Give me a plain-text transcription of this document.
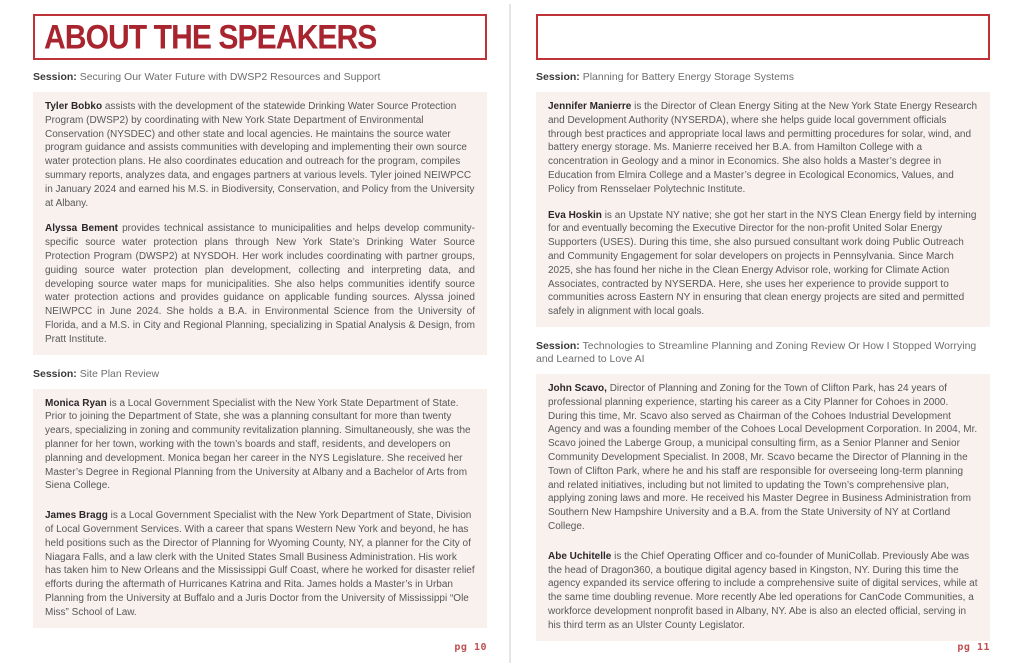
ABOUT THE SPEAKERS
Session: Securing Our Water Future with DWSP2 Resources and Support

Tyler Bobko assists with the development of the statewide Drinking Water Source Protection Program (DWSP2) by coordinating with New York State Department of Environmental Conservation (NYSDEC) and other state and local agencies. He maintains the source water program guidance and assists communities with developing and implementing their own source water protection plans. He also coordinates education and outreach for the program, compiles summary reports, analyzes data, and engages partners at various levels. Tyler joined NEIWPCC in January 2024 and earned his M.S. in Biodiversity, Conservation, and Policy from the University at Albany.

Alyssa Bement provides technical assistance to municipalities and helps develop community-specific source water protection plans through New York State’s Drinking Water Source Protection Program (DWSP2) at NYSDOH. Her work includes coordinating with partner groups, guiding source water protection plan development, collecting and interpreting data, and developing source water maps for municipalities. She also helps communities identify source water protection actions and provides guidance on applicable funding sources. Alyssa joined NEIWPCC in June 2024. She holds a B.A. in Environmental Science from the University of Florida, and a M.S. in City and Regional Planning, specializing in Spatial Analysis & Design, from Pratt Institute.

Session: Site Plan Review

Monica Ryan is a Local Government Specialist with the New York State Department of State. Prior to joining the Department of State, she was a planning consultant for more than twenty years, specializing in zoning and community revitalization planning. Simultaneously, she was the planner for her town, working with the town’s boards and staff, residents, and developers on planning and development. Monica began her career in the NYS Legislature. She received her Master’s Degree in Regional Planning from the University at Albany and a Bachelor of Arts from Siena College.

James Bragg is a Local Government Specialist with the New York Department of State, Division of Local Government Services. With a career that spans Western New York and beyond, he has held positions such as the Director of Planning for Wyoming County, NY, a planner for the City of Niagara Falls, and a law clerk with the United States Small Business Administration. His work has taken him to New Orleans and the Mississippi Gulf Coast, where he worked for disaster relief efforts during the aftermath of Hurricanes Katrina and Rita. James holds a Master’s in Urban Planning from the University at Buffalo and a Juris Doctor from the University of Mississippi “Ole Miss” School of Law.

pg 10
Session: Planning for Battery Energy Storage Systems

Jennifer Manierre is the Director of Clean Energy Siting at the New York State Energy Research and Development Authority (NYSERDA), where she helps guide local government officials through best practices and appropriate local laws and permitting procedures for solar, wind, and battery energy storage. Ms. Manierre received her B.A. from Hamilton College with a concentration in Geology and a minor in Economics. She also holds a Master’s degree in Education from Elmira College and a Master’s degree in Ecological Economics, Values, and Policy from Rensselaer Polytechnic Institute.

Eva Hoskin is an Upstate NY native; she got her start in the NYS Clean Energy field by interning for and eventually becoming the Executive Director for the non-profit United Solar Energy Supporters (USES). During this time, she also pursued consultant work doing Public Outreach and Community Engagement for solar developers on projects in Pennsylvania. Since March 2025, she has found her niche in the Clean Energy Advisor role, working for Climate Action Associates, contracted by NYSERDA. Here, she uses her experience to provide support to communities across Eastern NY in ensuring that clean energy projects are sited and permitted safely in alignment with local goals.

Session: Technologies to Streamline Planning and Zoning Review Or How I Stopped Worrying and Learned to Love AI

John Scavo, Director of Planning and Zoning for the Town of Clifton Park, has 24 years of professional planning experience, starting his career as a City Planner for Cohoes in 2000. During this time, Mr. Scavo also served as Chairman of the Cohoes Industrial Development Agency and was a founding member of the Cohoes Local Development Corporation. In 2004, Mr. Scavo joined the Laberge Group, a municipal consulting firm, as a Senior Planner and Senior Community Development Specialist. In 2008, Mr. Scavo became the Director of Planning in the Town of Clifton Park, where he and his staff are responsible for overseeing long-term planning and related initiatives, including but not limited to updating the Town’s comprehensive plan, applying zoning laws and more. He received his Master Degree in Business Administration from Southern New Hampshire University and a B.A. from the State University of NY at Cortland College.

Abe Uchitelle is the Chief Operating Officer and co-founder of MuniCollab. Previously Abe was the head of Dragon360, a boutique digital agency based in Kingston, NY. During this time the agency expanded its service offering to include a comprehensive suite of digital services, while at the same time doubling revenue. More recently Abe led operations for CanCode Communities, a workforce development nonprofit based in Albany, NY. Abe is also an elected official, serving in his third term as an Ulster County Legislator.

pg 11
